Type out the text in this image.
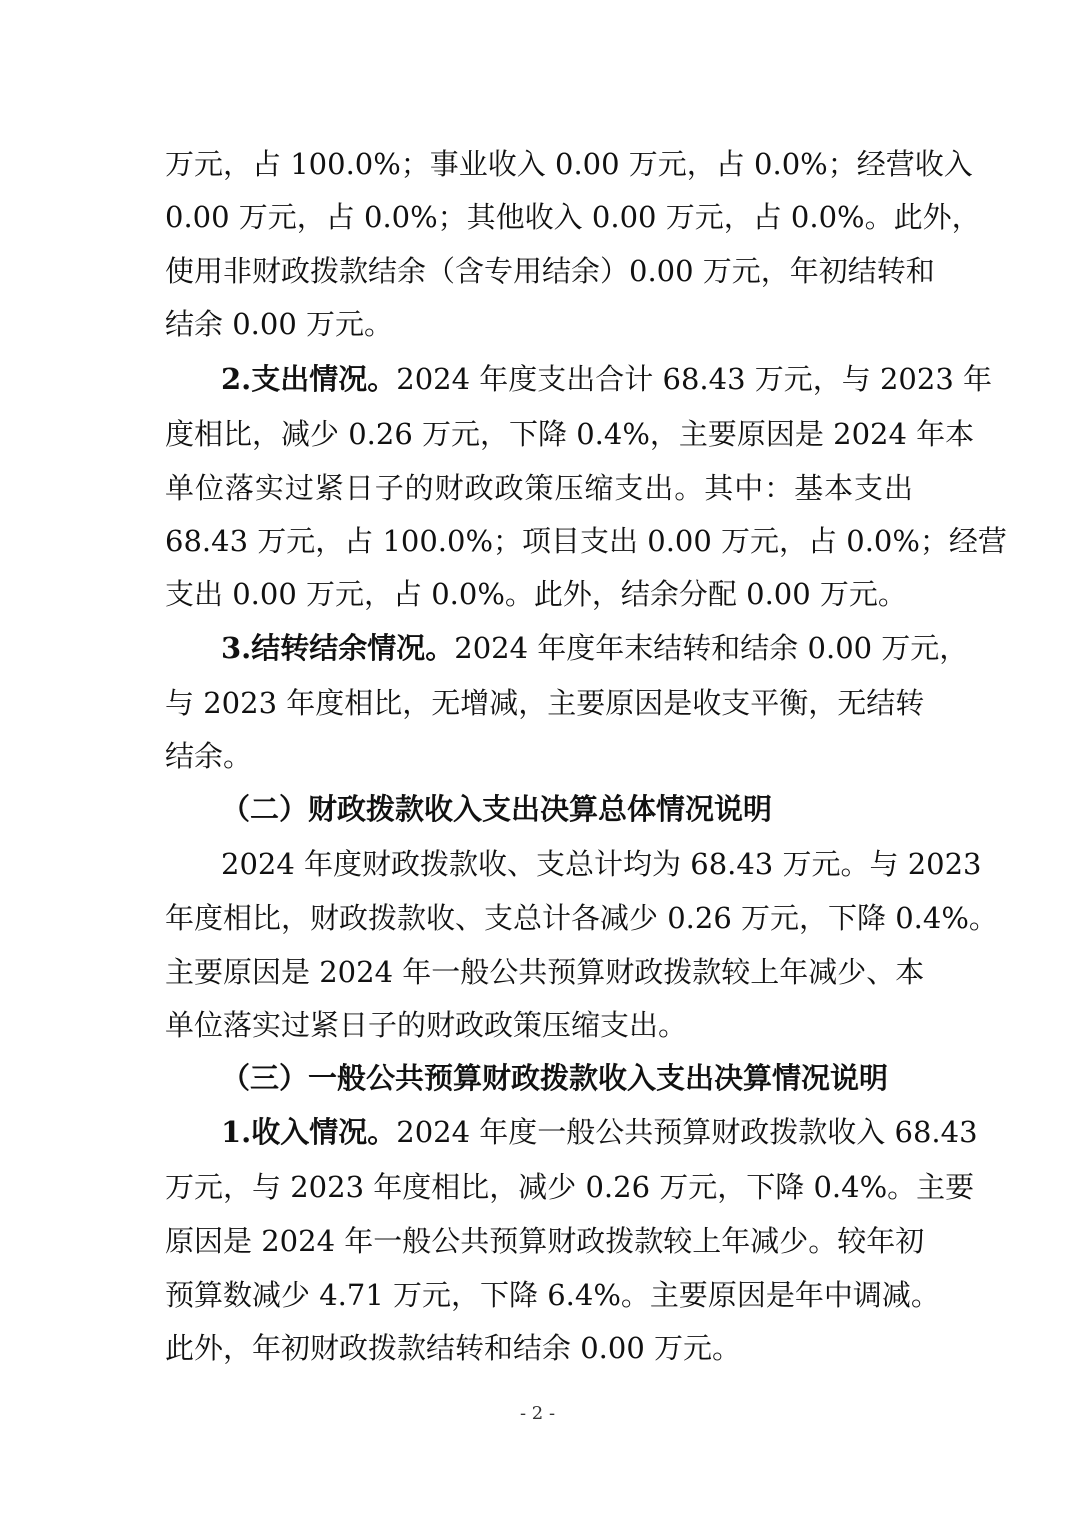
万元，占 100.0%；事业收入 0.00 万元，占 0.0%；经营收入
0.00 万元，占 0.0%；其他收入 0.00 万元，占 0.0%。此外，
使用非财政拨款结余（含专用结余）0.00 万元，年初结转和
结余 0.00 万元。
2.支出情况。2024 年度支出合计 68.43 万元，与 2023 年
度相比，减少 0.26 万元，下降 0.4%，主要原因是 2024 年本
单位落实过紧日子的财政政策压缩支出。其中：基本支出
68.43 万元，占 100.0%；项目支出 0.00 万元，占 0.0%；经营
支出 0.00 万元，占 0.0%。此外，结余分配 0.00 万元。
3.结转结余情况。2024 年度年末结转和结余 0.00 万元，
与 2023 年度相比，无增减，主要原因是收支平衡，无结转
结余。
（二）财政拨款收入支出决算总体情况说明
2024 年度财政拨款收、支总计均为 68.43 万元。与 2023
年度相比，财政拨款收、支总计各减少 0.26 万元，下降 0.4%。
主要原因是 2024 年一般公共预算财政拨款较上年减少、本
单位落实过紧日子的财政政策压缩支出。
（三）一般公共预算财政拨款收入支出决算情况说明
1.收入情况。2024 年度一般公共预算财政拨款收入 68.43
万元，与 2023 年度相比，减少 0.26 万元，下降 0.4%。主要
原因是 2024 年一般公共预算财政拨款较上年减少。较年初
预算数减少 4.71 万元，下降 6.4%。主要原因是年中调减。
此外，年初财政拨款结转和结余 0.00 万元。
- 2 -
